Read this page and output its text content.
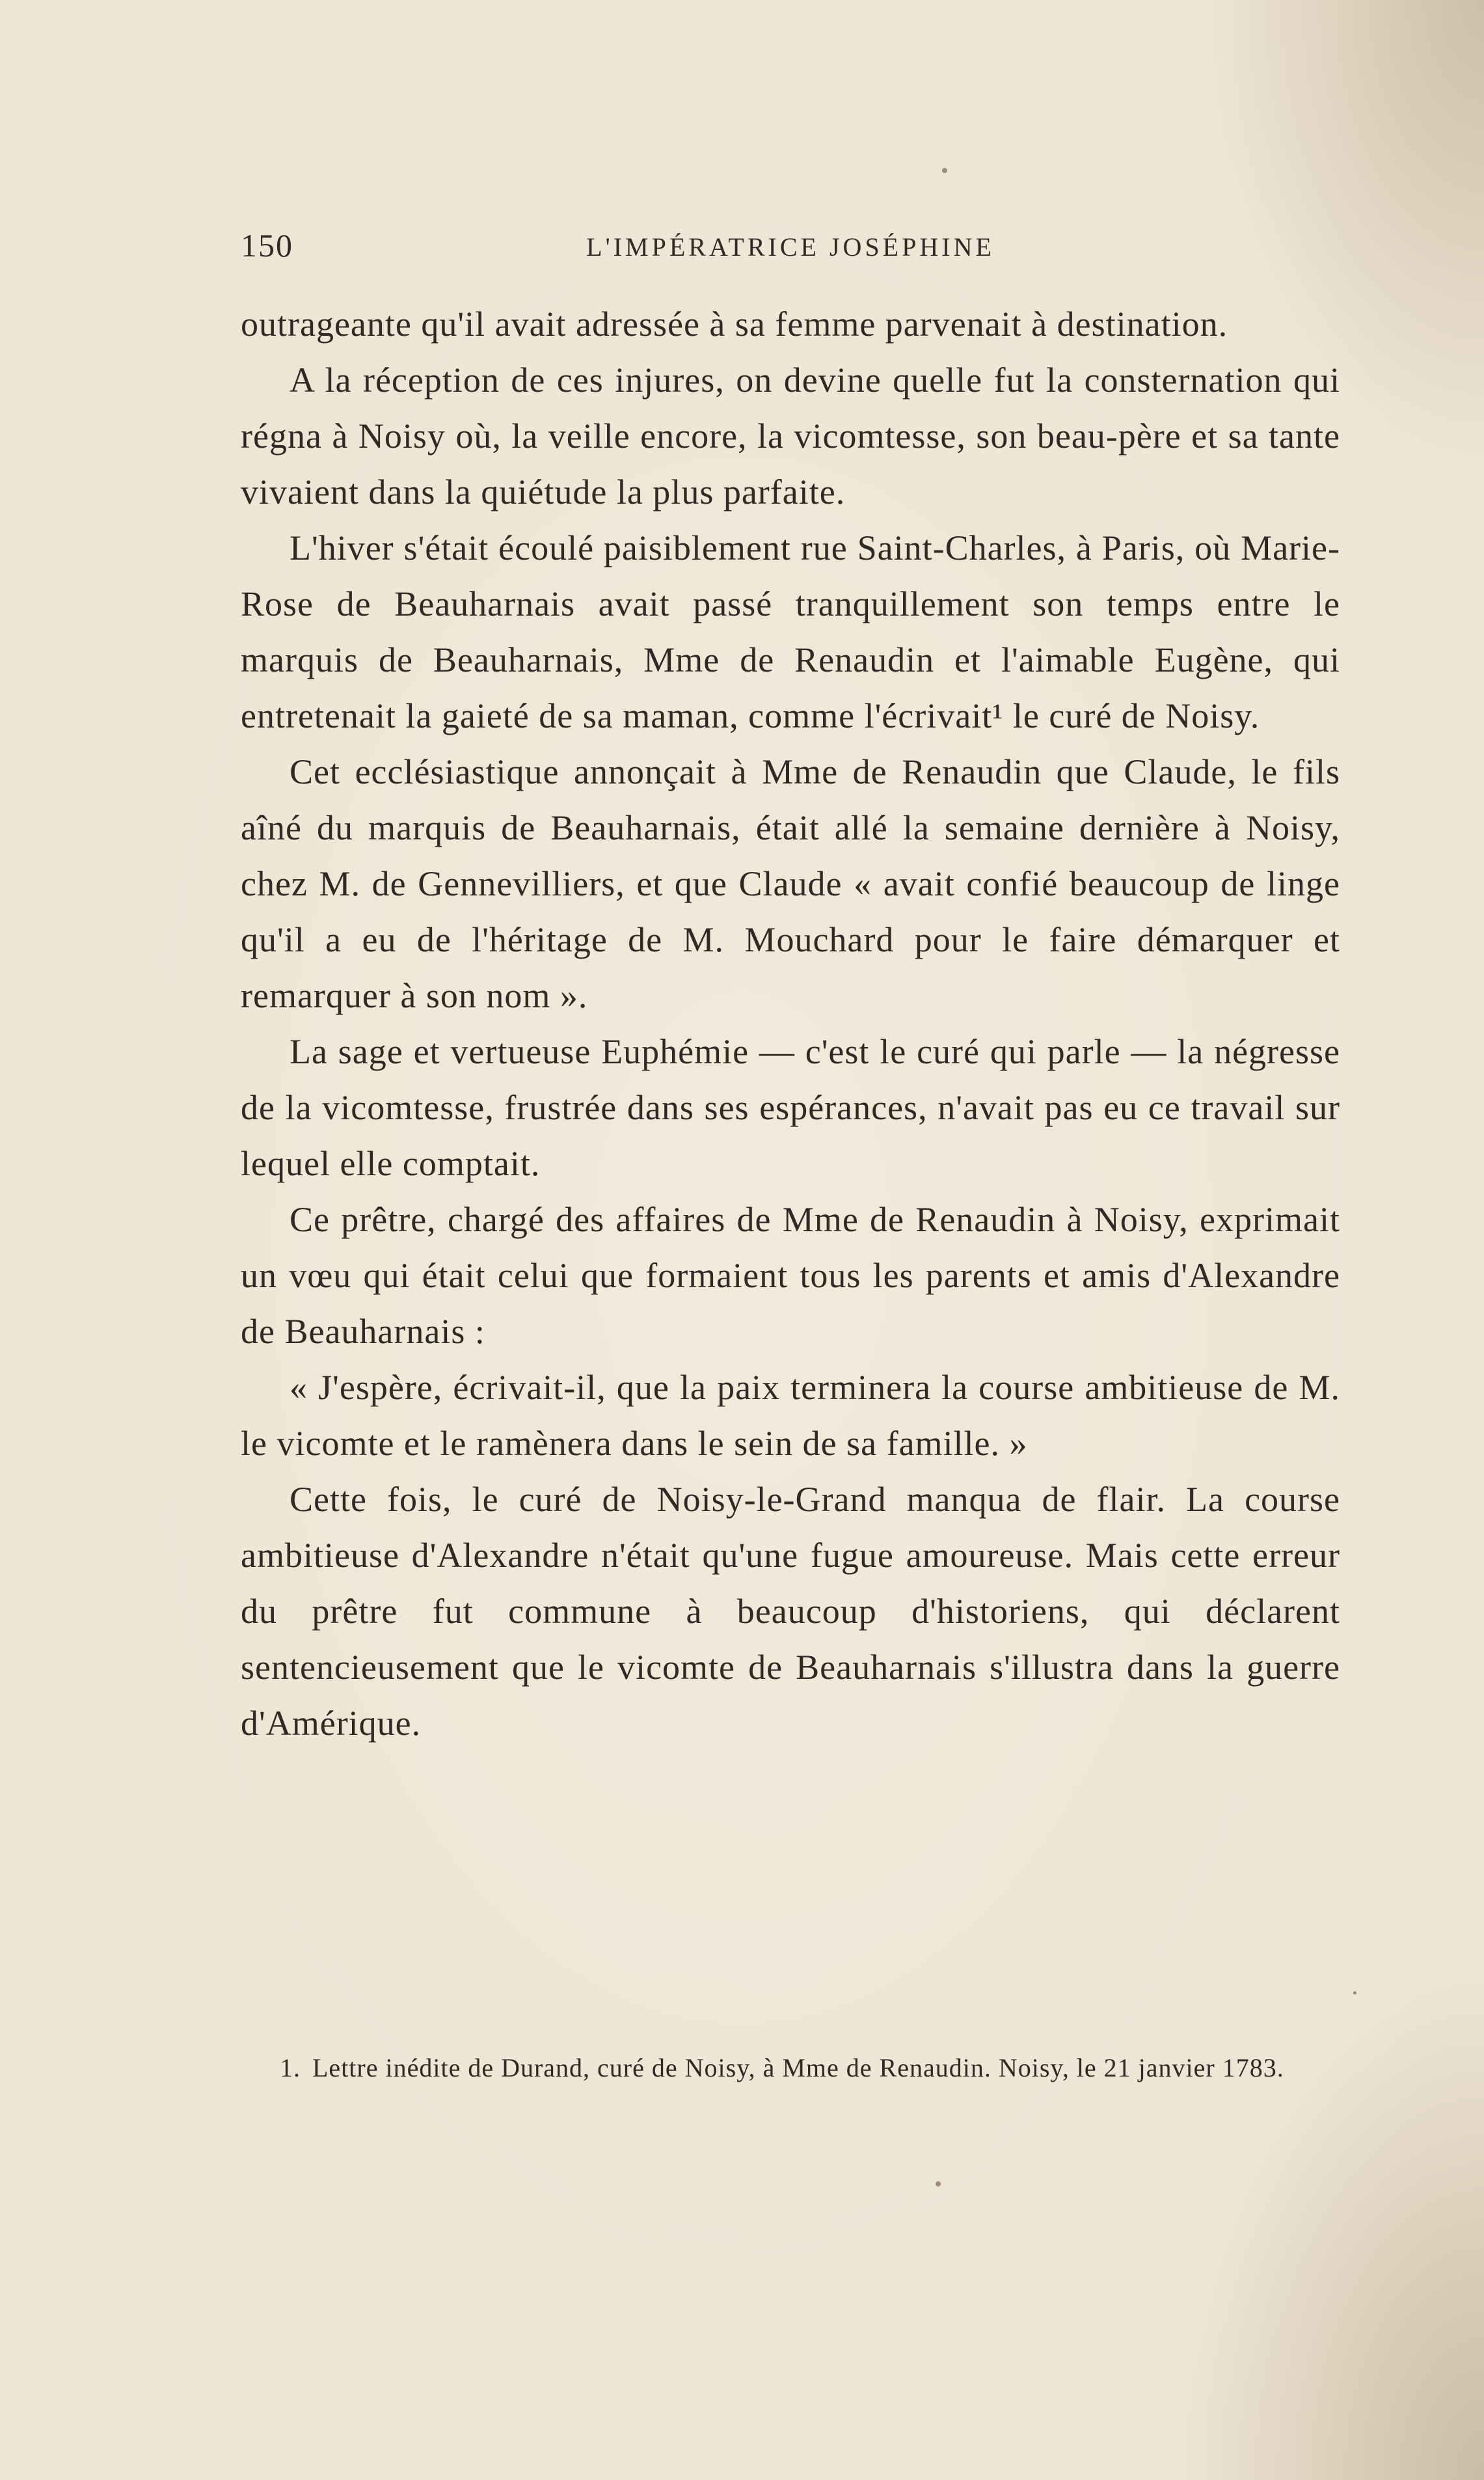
150	L'IMPÉRATRICE JOSÉPHINE

outrageante qu'il avait adressée à sa femme parvenait à destination.

A la réception de ces injures, on devine quelle fut la consternation qui régna à Noisy où, la veille encore, la vicomtesse, son beau-père et sa tante vivaient dans la quiétude la plus parfaite.

L'hiver s'était écoulé paisiblement rue Saint-Charles, à Paris, où Marie-Rose de Beauharnais avait passé tranquillement son temps entre le marquis de Beauharnais, Mme de Renaudin et l'aimable Eugène, qui entretenait la gaieté de sa maman, comme l'écrivait¹ le curé de Noisy.

Cet ecclésiastique annonçait à Mme de Renaudin que Claude, le fils aîné du marquis de Beauharnais, était allé la semaine dernière à Noisy, chez M. de Gennevilliers, et que Claude « avait confié beaucoup de linge qu'il a eu de l'héritage de M. Mouchard pour le faire démarquer et remarquer à son nom ».

La sage et vertueuse Euphémie — c'est le curé qui parle — la négresse de la vicomtesse, frustrée dans ses espérances, n'avait pas eu ce travail sur lequel elle comptait.

Ce prêtre, chargé des affaires de Mme de Renaudin à Noisy, exprimait un vœu qui était celui que formaient tous les parents et amis d'Alexandre de Beauharnais :

« J'espère, écrivait-il, que la paix terminera la course ambitieuse de M. le vicomte et le ramènera dans le sein de sa famille. »

Cette fois, le curé de Noisy-le-Grand manqua de flair. La course ambitieuse d'Alexandre n'était qu'une fugue amoureuse. Mais cette erreur du prêtre fut commune à beaucoup d'historiens, qui déclarent sentencieusement que le vicomte de Beauharnais s'illustra dans la guerre d'Amérique.

1. Lettre inédite de Durand, curé de Noisy, à Mme de Renaudin. Noisy, le 21 janvier 1783.
